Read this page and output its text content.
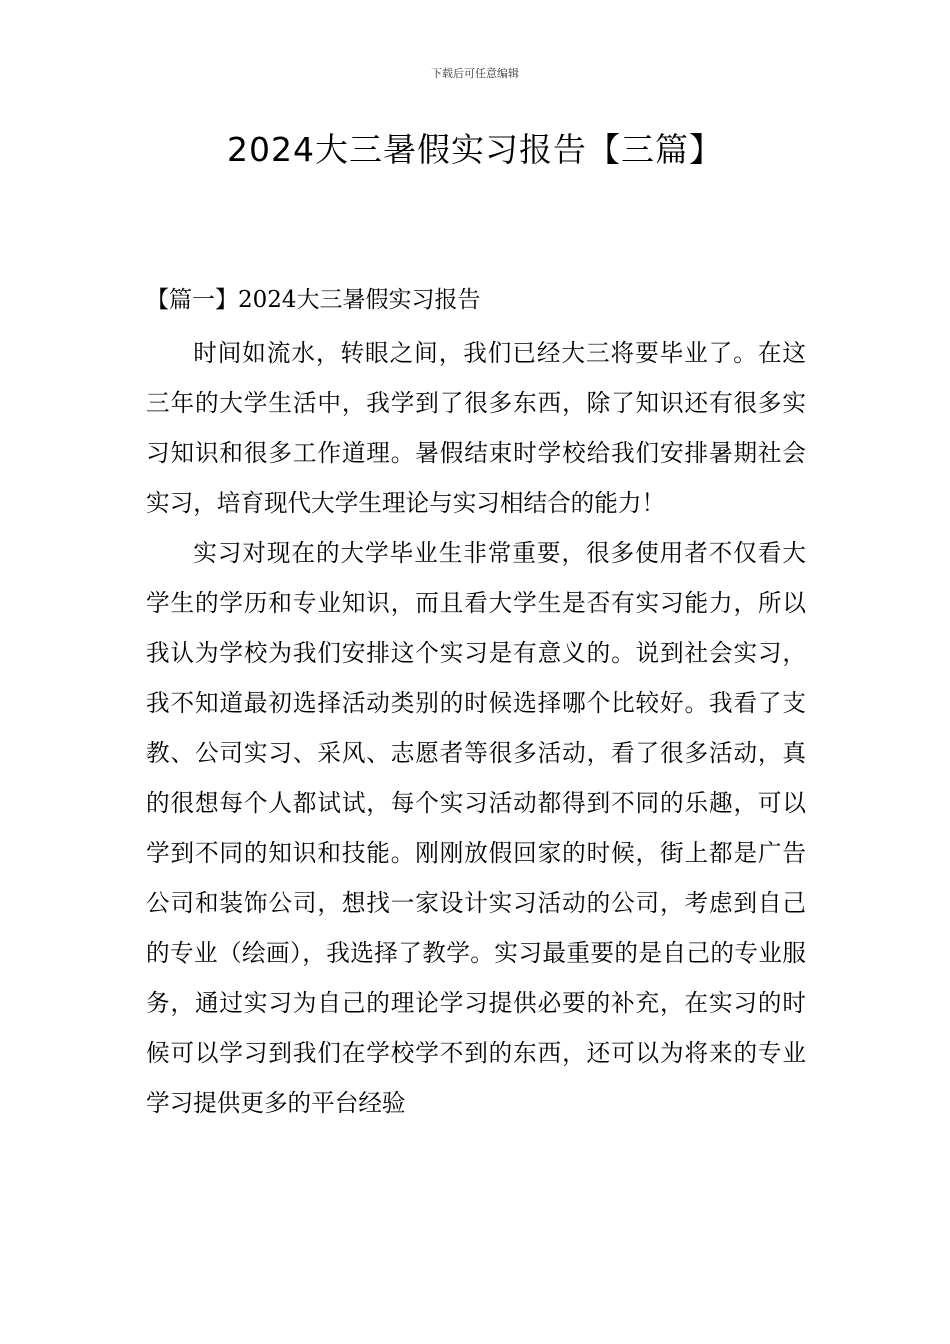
下载后可任意编辑
2024大三暑假实习报告【三篇】
【篇一】2024大三暑假实习报告

时间如流水，转眼之间，我们已经大三将要毕业了。在这三年的大学生活中，我学到了很多东西，除了知识还有很多实习知识和很多工作道理。暑假结束时学校给我们安排暑期社会实习，培育现代大学生理论与实习相结合的能力！

实习对现在的大学毕业生非常重要，很多使用者不仅看大学生的学历和专业知识，而且看大学生是否有实习能力，所以我认为学校为我们安排这个实习是有意义的。说到社会实习，我不知道最初选择活动类别的时候选择哪个比较好。我看了支教、公司实习、采风、志愿者等很多活动，看了很多活动，真的很想每个人都试试，每个实习活动都得到不同的乐趣，可以学到不同的知识和技能。刚刚放假回家的时候，街上都是广告公司和装饰公司，想找一家设计实习活动的公司，考虑到自己的专业（绘画），我选择了教学。实习最重要的是自己的专业服务，通过实习为自己的理论学习提供必要的补充，在实习的时候可以学习到我们在学校学不到的东西，还可以为将来的专业学习提供更多的平台经验
